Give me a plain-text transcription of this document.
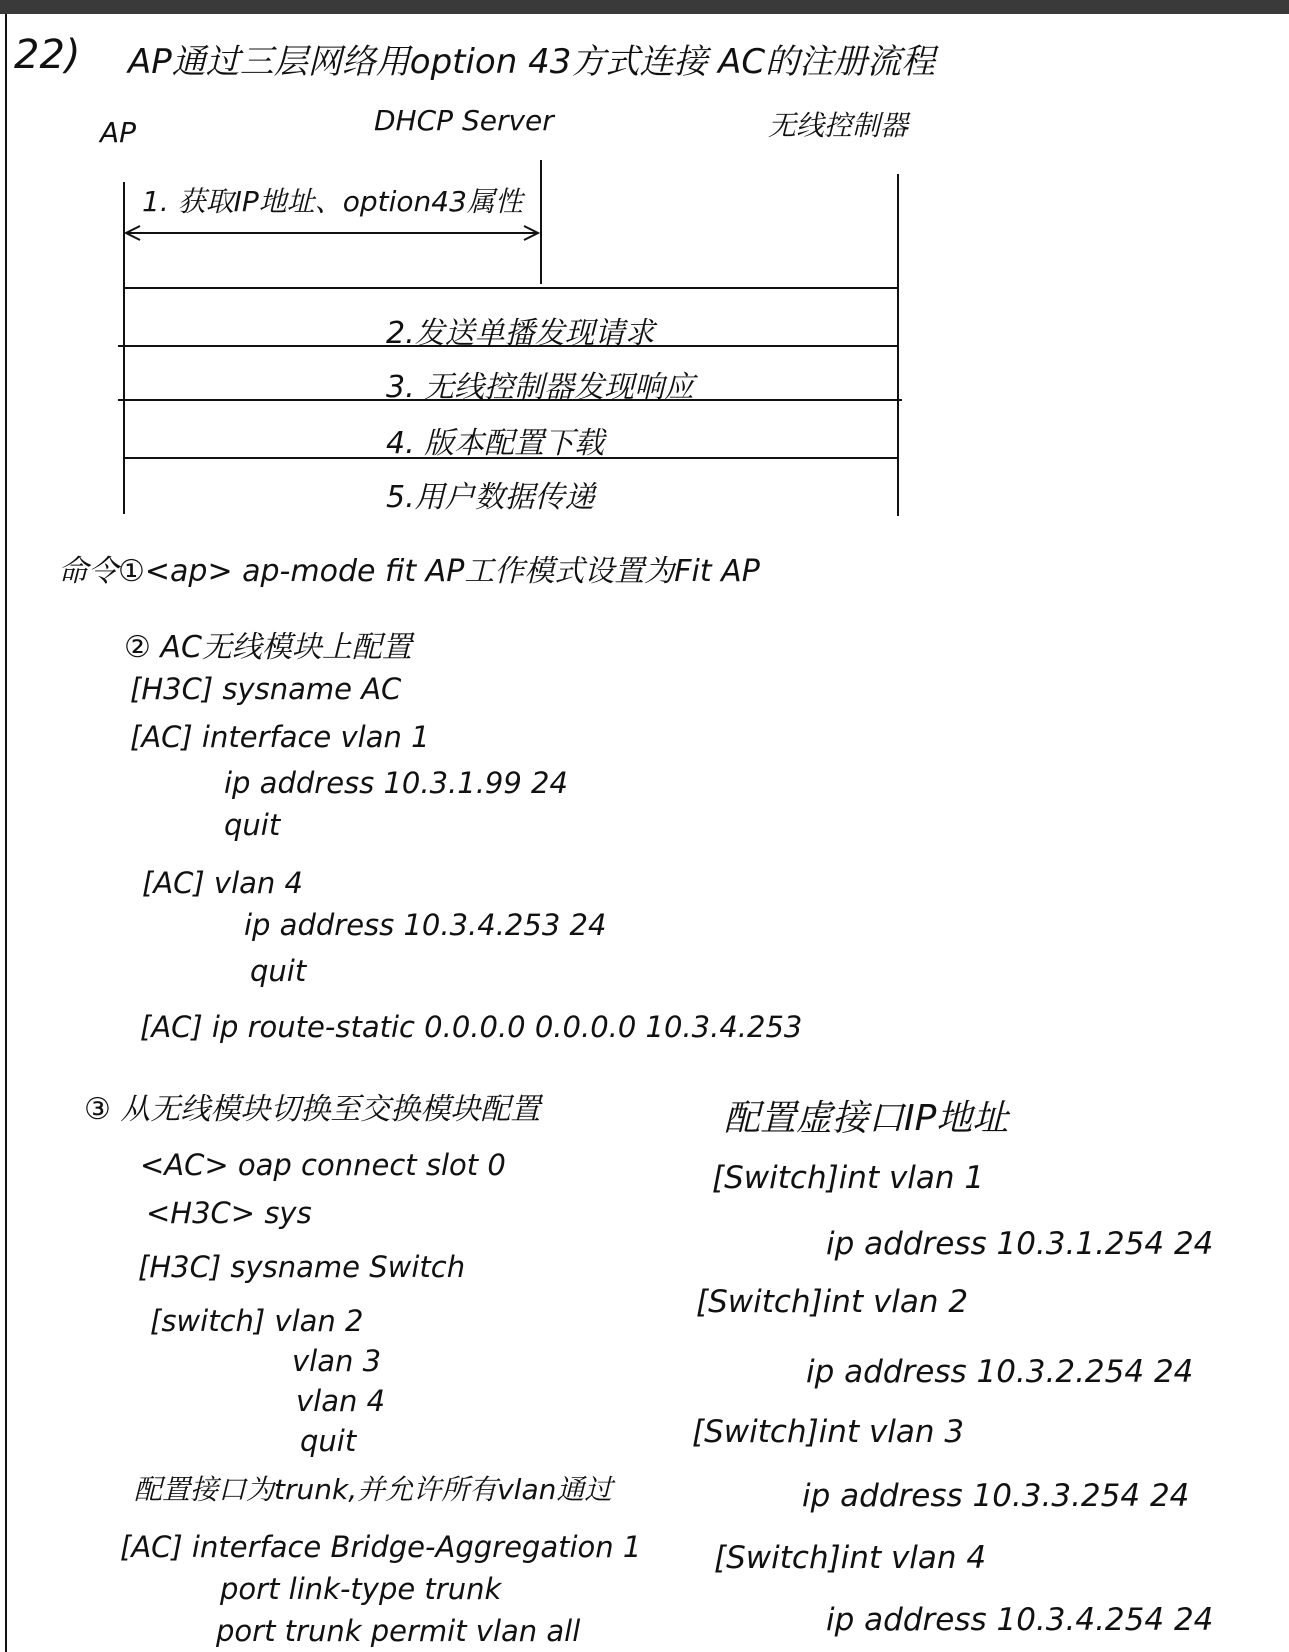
22) AP通过三层网络用option 43方式连接 AC的注册流程
AP	DHCP Server	无线控制器
1. 获取IP地址、option43属性
2.发送单播发现请求
3. 无线控制器发现响应
4. 版本配置下载
5.用户数据传递
命令①<ap> ap-mode fit AP工作模式设置为Fit AP
② AC无线模块上配置
[H3C] sysname AC
[AC] interface vlan 1
ip address 10.3.1.99 24
quit
[AC] vlan 4
ip address 10.3.4.253 24
quit
[AC] ip route-static 0.0.0.0 0.0.0.0 10.3.4.253
③ 从无线模块切换至交换模块配置
<AC> oap connect slot 0
<H3C> sys
[H3C] sysname Switch
[switch] vlan 2
vlan 3
vlan 4
quit
配置接口为trunk,并允许所有vlan通过
[AC] interface Bridge-Aggregation 1
port link-type trunk
port trunk permit vlan all
配置虚接口IP地址
[Switch]int vlan 1
ip address 10.3.1.254 24
[Switch]int vlan 2
ip address 10.3.2.254 24
[Switch]int vlan 3
ip address 10.3.3.254 24
[Switch]int vlan 4
ip address 10.3.4.254 24
